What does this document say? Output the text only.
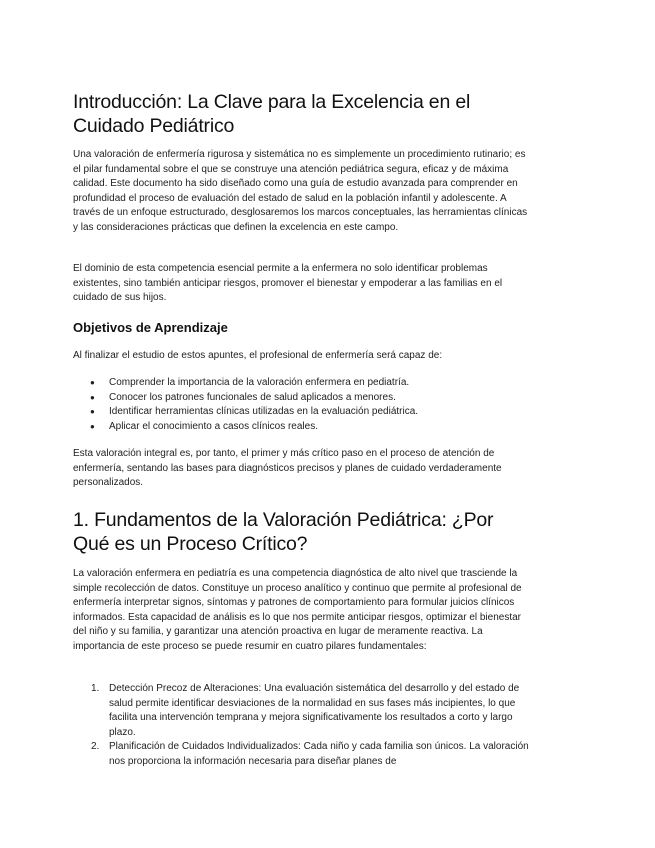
Introducción: La Clave para la Excelencia en el Cuidado Pediátrico

Una valoración de enfermería rigurosa y sistemática no es simplemente un procedimiento rutinario; es el pilar fundamental sobre el que se construye una atención pediátrica segura, eficaz y de máxima calidad. Este documento ha sido diseñado como una guía de estudio avanzada para comprender en profundidad el proceso de evaluación del estado de salud en la población infantil y adolescente. A través de un enfoque estructurado, desglosaremos los marcos conceptuales, las herramientas clínicas y las consideraciones prácticas que definen la excelencia en este campo.

El dominio de esta competencia esencial permite a la enfermera no solo identificar problemas existentes, sino también anticipar riesgos, promover el bienestar y empoderar a las familias en el cuidado de sus hijos.

Objetivos de Aprendizaje

Al finalizar el estudio de estos apuntes, el profesional de enfermería será capaz de:

● Comprender la importancia de la valoración enfermera en pediatría.
● Conocer los patrones funcionales de salud aplicados a menores.
● Identificar herramientas clínicas utilizadas en la evaluación pediátrica.
● Aplicar el conocimiento a casos clínicos reales.

Esta valoración integral es, por tanto, el primer y más crítico paso en el proceso de atención de enfermería, sentando las bases para diagnósticos precisos y planes de cuidado verdaderamente personalizados.

1. Fundamentos de la Valoración Pediátrica: ¿Por Qué es un Proceso Crítico?

La valoración enfermera en pediatría es una competencia diagnóstica de alto nivel que trasciende la simple recolección de datos. Constituye un proceso analítico y continuo que permite al profesional de enfermería interpretar signos, síntomas y patrones de comportamiento para formular juicios clínicos informados. Esta capacidad de análisis es lo que nos permite anticipar riesgos, optimizar el bienestar del niño y su familia, y garantizar una atención proactiva en lugar de meramente reactiva. La importancia de este proceso se puede resumir en cuatro pilares fundamentales:

1. Detección Precoz de Alteraciones: Una evaluación sistemática del desarrollo y del estado de salud permite identificar desviaciones de la normalidad en sus fases más incipientes, lo que facilita una intervención temprana y mejora significativamente los resultados a corto y largo plazo.
2. Planificación de Cuidados Individualizados: Cada niño y cada familia son únicos. La valoración nos proporciona la información necesaria para diseñar planes de
